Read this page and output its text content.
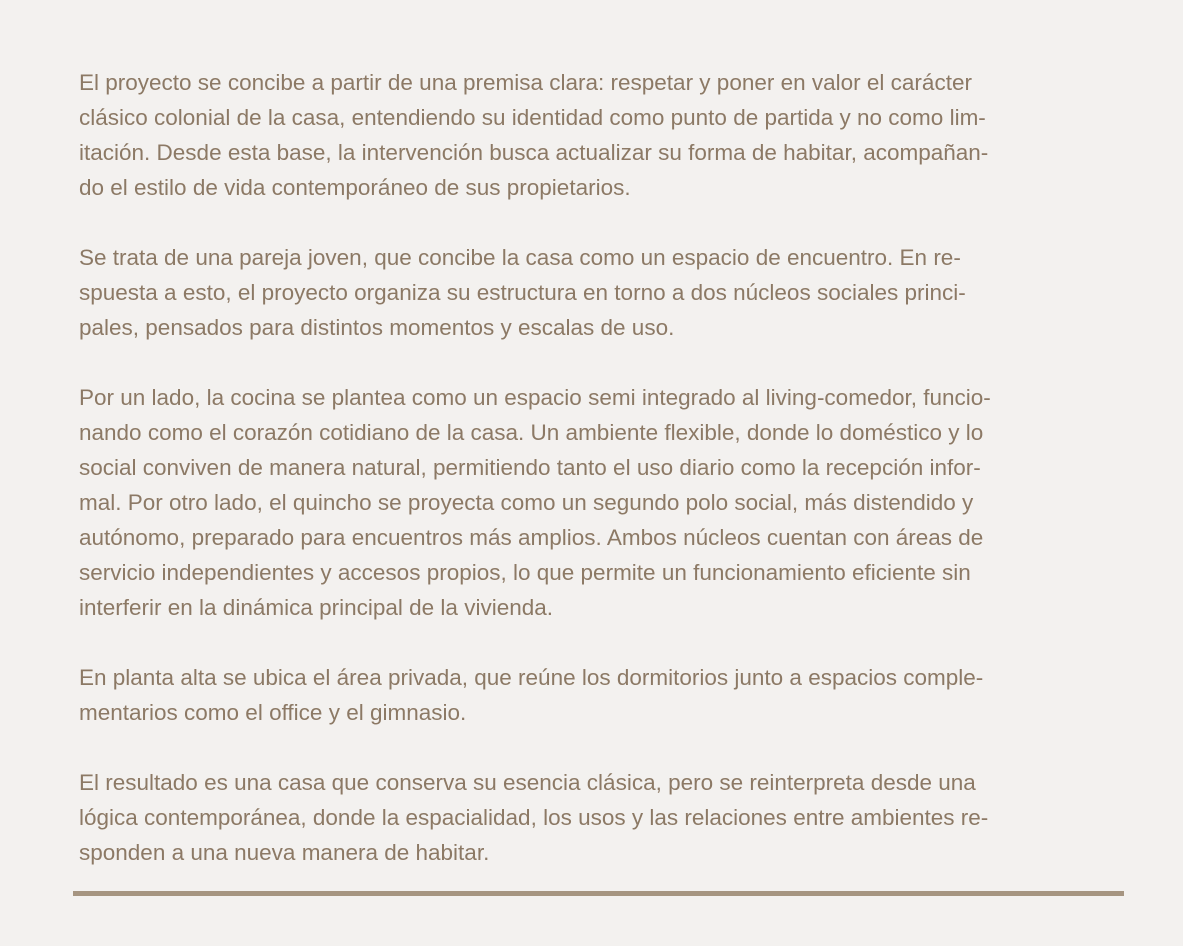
El proyecto se concibe a partir de una premisa clara: respetar y poner en valor el carácter
clásico colonial de la casa, entendiendo su identidad como punto de partida y no como lim-
itación. Desde esta base, la intervención busca actualizar su forma de habitar, acompañan-
do el estilo de vida contemporáneo de sus propietarios.

Se trata de una pareja joven, que concibe la casa como un espacio de encuentro. En re-
spuesta a esto, el proyecto organiza su estructura en torno a dos núcleos sociales princi-
pales, pensados para distintos momentos y escalas de uso.

Por un lado, la cocina se plantea como un espacio semi integrado al living-comedor, funcio-
nando como el corazón cotidiano de la casa. Un ambiente flexible, donde lo doméstico y lo
social conviven de manera natural, permitiendo tanto el uso diario como la recepción infor-
mal. Por otro lado, el quincho se proyecta como un segundo polo social, más distendido y
autónomo, preparado para encuentros más amplios. Ambos núcleos cuentan con áreas de
servicio independientes y accesos propios, lo que permite un funcionamiento eficiente sin
interferir en la dinámica principal de la vivienda.

En planta alta se ubica el área privada, que reúne los dormitorios junto a espacios comple-
mentarios como el office y el gimnasio.

El resultado es una casa que conserva su esencia clásica, pero se reinterpreta desde una
lógica contemporánea, donde la espacialidad, los usos y las relaciones entre ambientes re-
sponden a una nueva manera de habitar.
